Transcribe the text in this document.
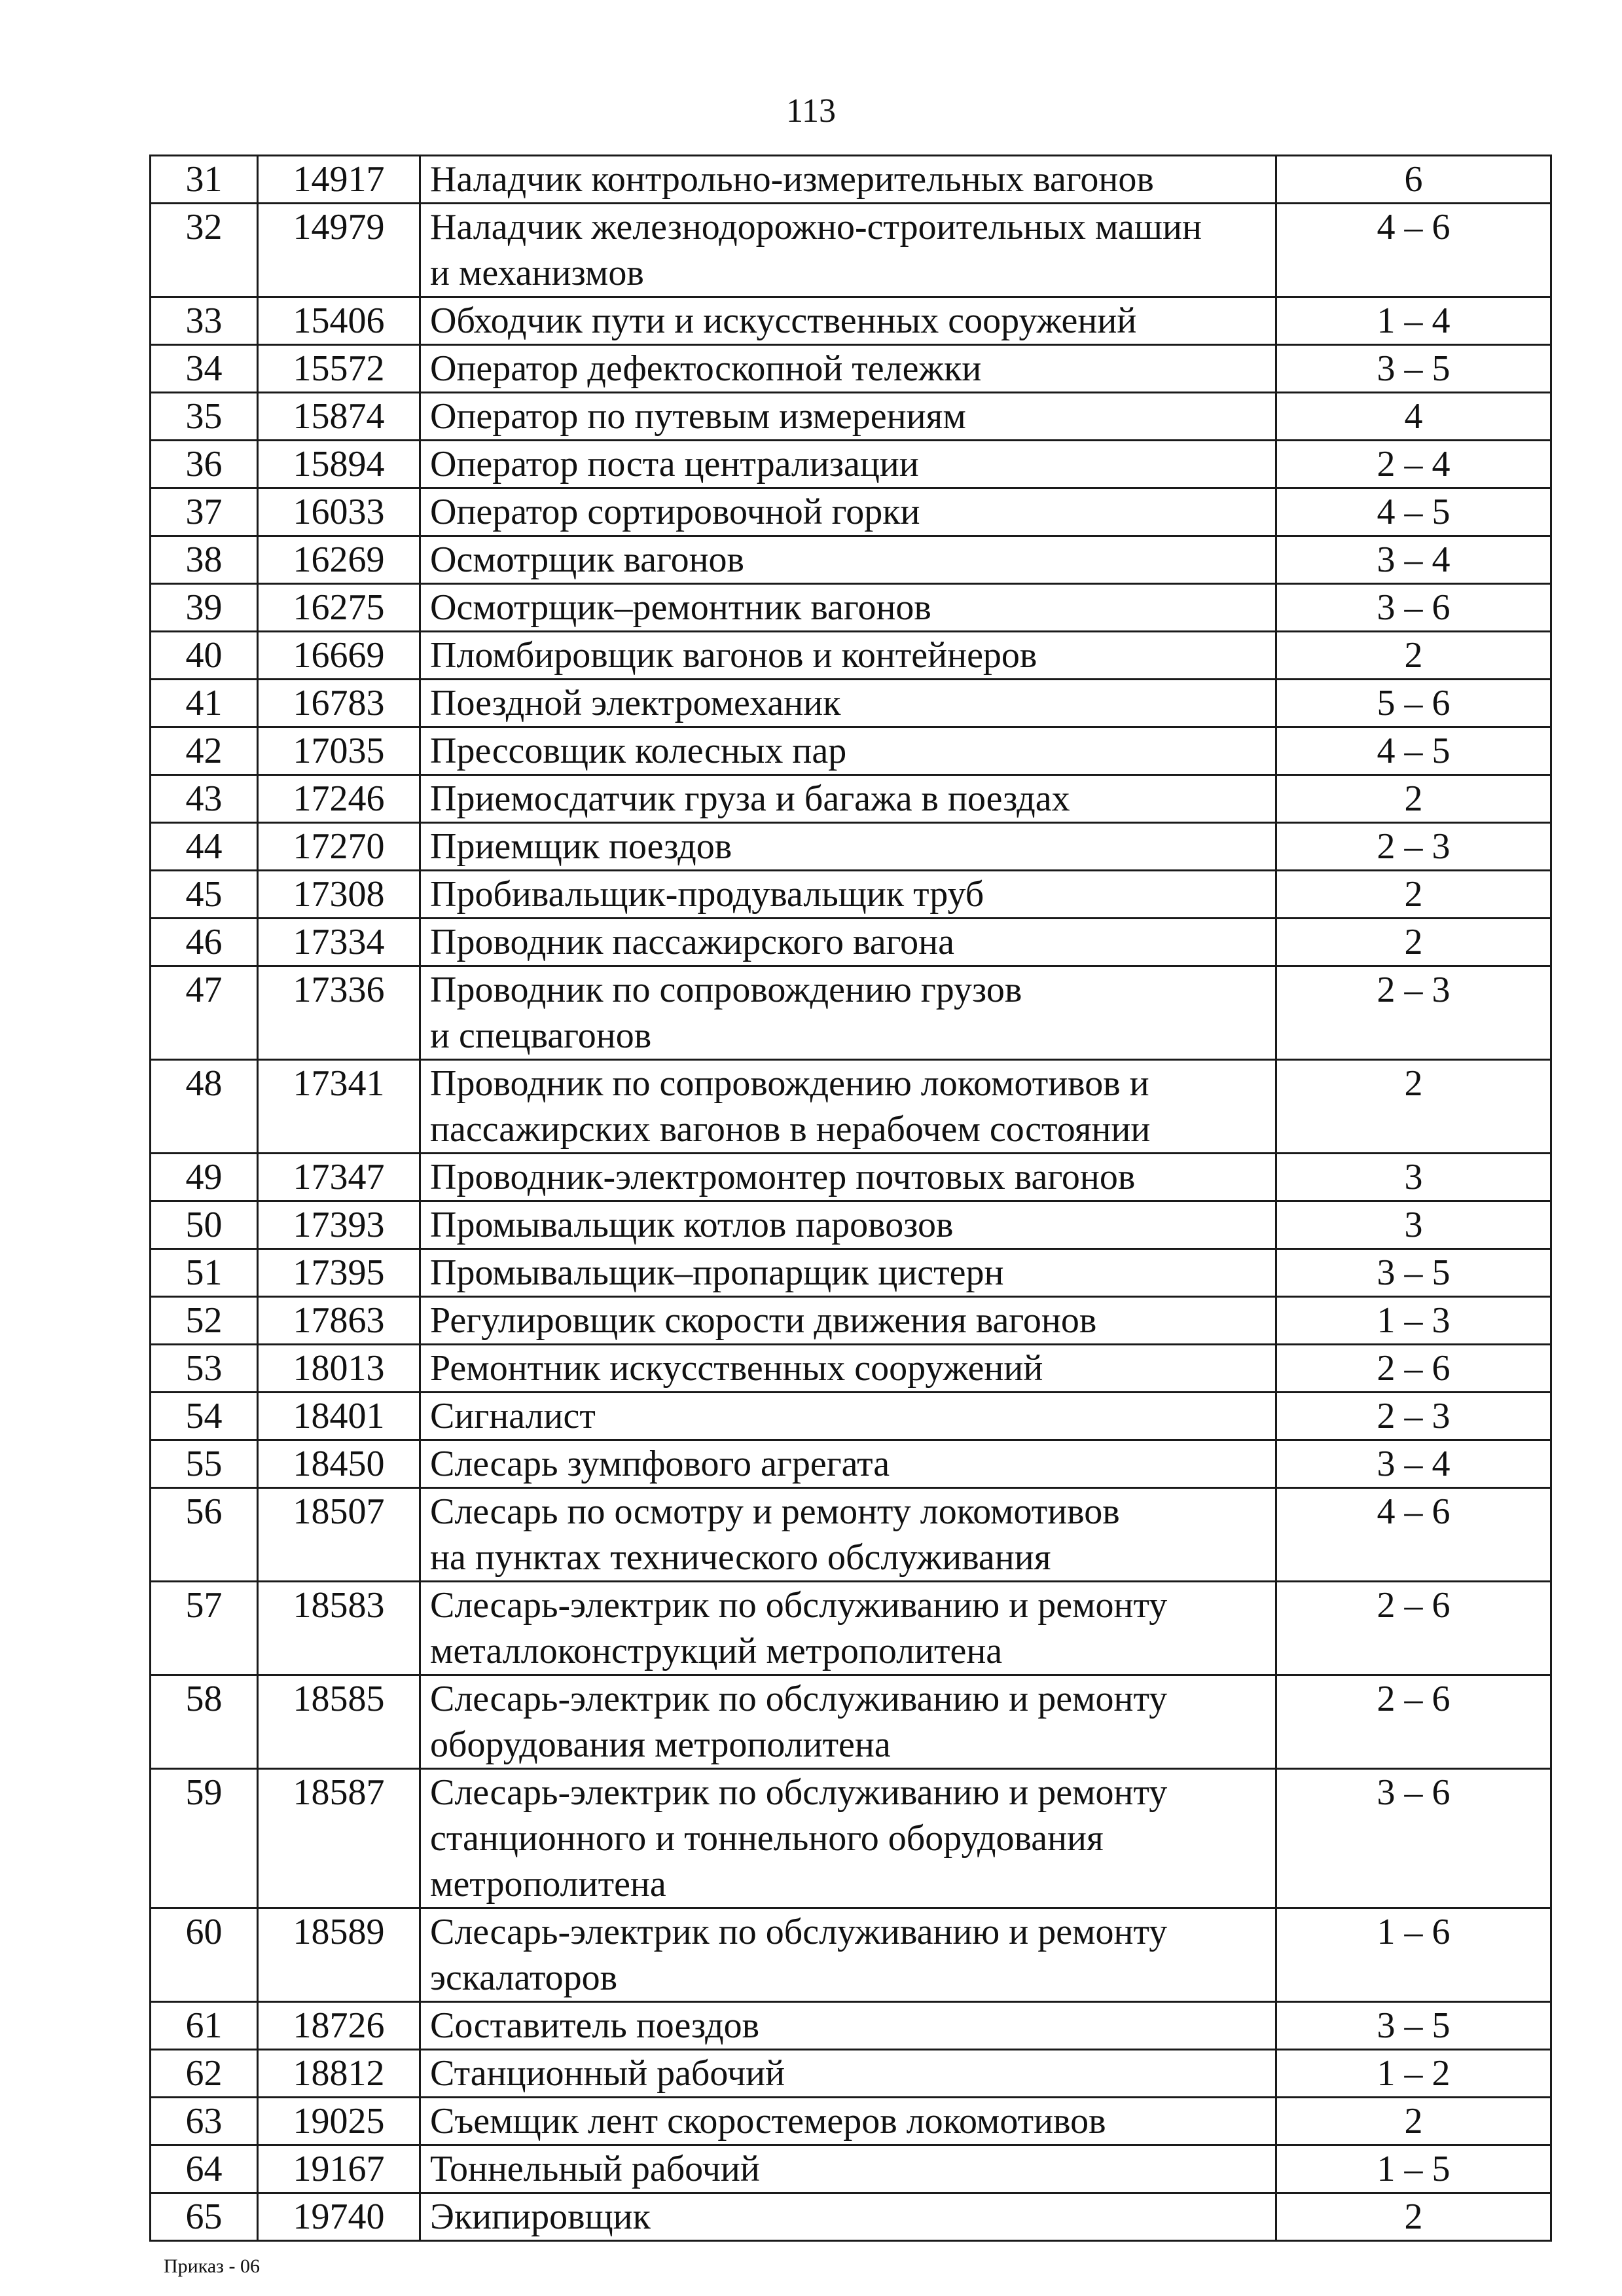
113
31	14917	Наладчик контрольно-измерительных вагонов	6
32	14979	Наладчик железнодорожно-строительных машин
и механизмов	4 – 6
33	15406	Обходчик пути и искусственных сооружений	1 – 4
34	15572	Оператор дефектоскопной тележки	3 – 5
35	15874	Оператор по путевым измерениям	4
36	15894	Оператор поста централизации	2 – 4
37	16033	Оператор сортировочной горки	4 – 5
38	16269	Осмотрщик вагонов	3 – 4
39	16275	Осмотрщик–ремонтник вагонов	3 – 6
40	16669	Пломбировщик вагонов и контейнеров	2
41	16783	Поездной электромеханик	5 – 6
42	17035	Прессовщик колесных пар	4 – 5
43	17246	Приемосдатчик груза и багажа в поездах	2
44	17270	Приемщик поездов	2 – 3
45	17308	Пробивальщик-продувальщик труб	2
46	17334	Проводник пассажирского вагона	2
47	17336	Проводник по сопровождению грузов
и спецвагонов	2 – 3
48	17341	Проводник по сопровождению локомотивов и
пассажирских вагонов в нерабочем состоянии	2
49	17347	Проводник-электромонтер почтовых вагонов	3
50	17393	Промывальщик котлов паровозов	3
51	17395	Промывальщик–пропарщик цистерн	3 – 5
52	17863	Регулировщик скорости движения вагонов	1 – 3
53	18013	Ремонтник искусственных сооружений	2 – 6
54	18401	Сигналист	2 – 3
55	18450	Слесарь зумпфового агрегата	3 – 4
56	18507	Слесарь по осмотру и ремонту локомотивов
на пунктах технического обслуживания	4 – 6
57	18583	Слесарь-электрик по обслуживанию и ремонту
металлоконструкций метрополитена	2 – 6
58	18585	Слесарь-электрик по обслуживанию и ремонту
оборудования метрополитена	2 – 6
59	18587	Слесарь-электрик по обслуживанию и ремонту
станционного и тоннельного оборудования
метрополитена	3 – 6
60	18589	Слесарь-электрик по обслуживанию и ремонту
эскалаторов	1 – 6
61	18726	Составитель поездов	3 – 5
62	18812	Станционный рабочий	1 – 2
63	19025	Съемщик лент скоростемеров локомотивов	2
64	19167	Тоннельный рабочий	1 – 5
65	19740	Экипировщик	2
Приказ - 06
